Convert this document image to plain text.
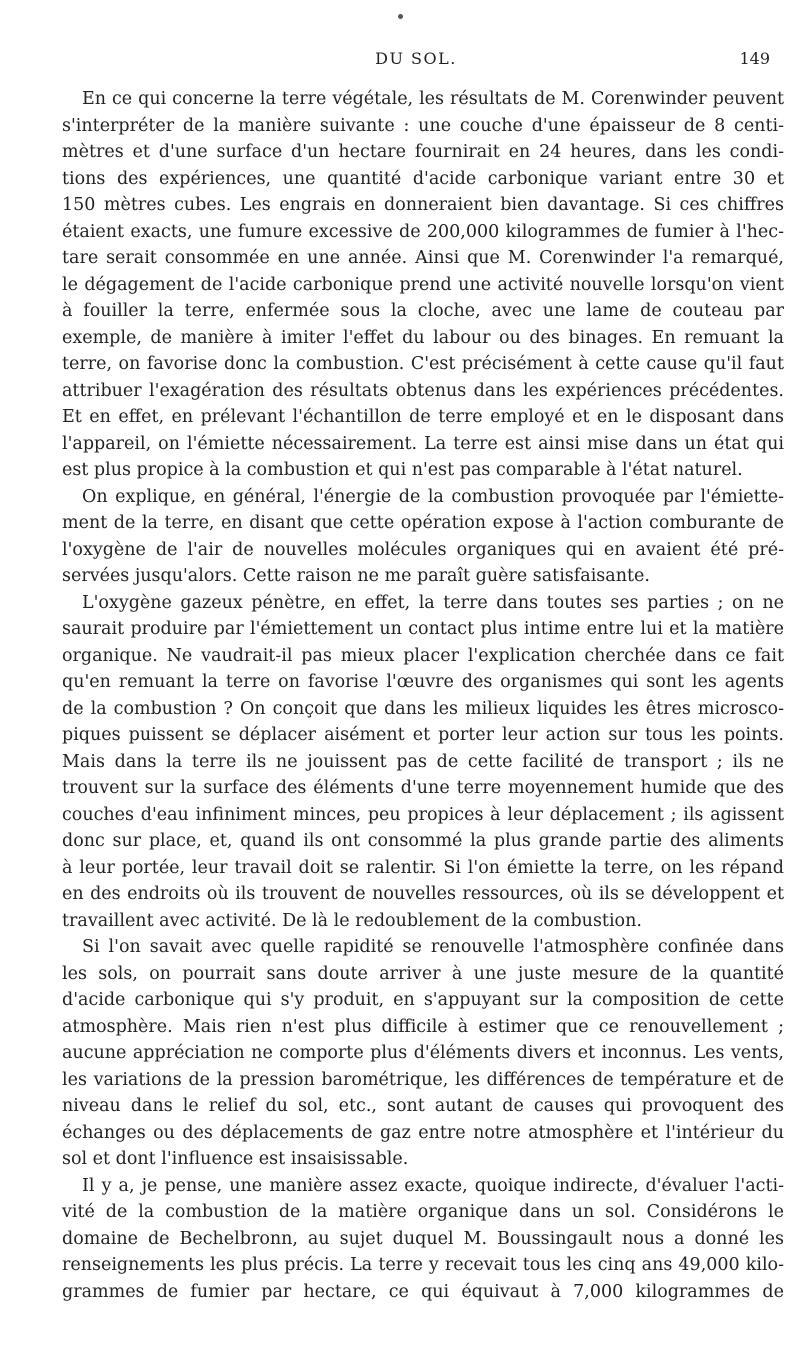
DU SOL.	149
En ce qui concerne la terre végétale, les résultats de M. Corenwinder peuvent
s'interpréter de la manière suivante : une couche d'une épaisseur de 8 centi-
mètres et d'une surface d'un hectare fournirait en 24 heures, dans les condi-
tions des expériences, une quantité d'acide carbonique variant entre 30 et
150 mètres cubes. Les engrais en donneraient bien davantage. Si ces chiffres
étaient exacts, une fumure excessive de 200,000 kilogrammes de fumier à l'hec-
tare serait consommée en une année. Ainsi que M. Corenwinder l'a remarqué,
le dégagement de l'acide carbonique prend une activité nouvelle lorsqu'on vient
à fouiller la terre, enfermée sous la cloche, avec une lame de couteau par
exemple, de manière à imiter l'effet du labour ou des binages. En remuant la
terre, on favorise donc la combustion. C'est précisément à cette cause qu'il faut
attribuer l'exagération des résultats obtenus dans les expériences précédentes.
Et en effet, en prélevant l'échantillon de terre employé et en le disposant dans
l'appareil, on l'émiette nécessairement. La terre est ainsi mise dans un état qui
est plus propice à la combustion et qui n'est pas comparable à l'état naturel.
On explique, en général, l'énergie de la combustion provoquée par l'émiette-
ment de la terre, en disant que cette opération expose à l'action comburante de
l'oxygène de l'air de nouvelles molécules organiques qui en avaient été pré-
servées jusqu'alors. Cette raison ne me paraît guère satisfaisante.
L'oxygène gazeux pénètre, en effet, la terre dans toutes ses parties ; on ne
saurait produire par l'émiettement un contact plus intime entre lui et la matière
organique. Ne vaudrait-il pas mieux placer l'explication cherchée dans ce fait
qu'en remuant la terre on favorise l'œuvre des organismes qui sont les agents
de la combustion ? On conçoit que dans les milieux liquides les êtres microsco-
piques puissent se déplacer aisément et porter leur action sur tous les points.
Mais dans la terre ils ne jouissent pas de cette facilité de transport ; ils ne
trouvent sur la surface des éléments d'une terre moyennement humide que des
couches d'eau infiniment minces, peu propices à leur déplacement ; ils agissent
donc sur place, et, quand ils ont consommé la plus grande partie des aliments
à leur portée, leur travail doit se ralentir. Si l'on émiette la terre, on les répand
en des endroits où ils trouvent de nouvelles ressources, où ils se développent et
travaillent avec activité. De là le redoublement de la combustion.
Si l'on savait avec quelle rapidité se renouvelle l'atmosphère confinée dans
les sols, on pourrait sans doute arriver à une juste mesure de la quantité
d'acide carbonique qui s'y produit, en s'appuyant sur la composition de cette
atmosphère. Mais rien n'est plus difficile à estimer que ce renouvellement ;
aucune appréciation ne comporte plus d'éléments divers et inconnus. Les vents,
les variations de la pression barométrique, les différences de température et de
niveau dans le relief du sol, etc., sont autant de causes qui provoquent des
échanges ou des déplacements de gaz entre notre atmosphère et l'intérieur du
sol et dont l'influence est insaisissable.
Il y a, je pense, une manière assez exacte, quoique indirecte, d'évaluer l'acti-
vité de la combustion de la matière organique dans un sol. Considérons le
domaine de Bechelbronn, au sujet duquel M. Boussingault nous a donné les
renseignements les plus précis. La terre y recevait tous les cinq ans 49,000 kilo-
grammes de fumier par hectare, ce qui équivaut à 7,000 kilogrammes de
